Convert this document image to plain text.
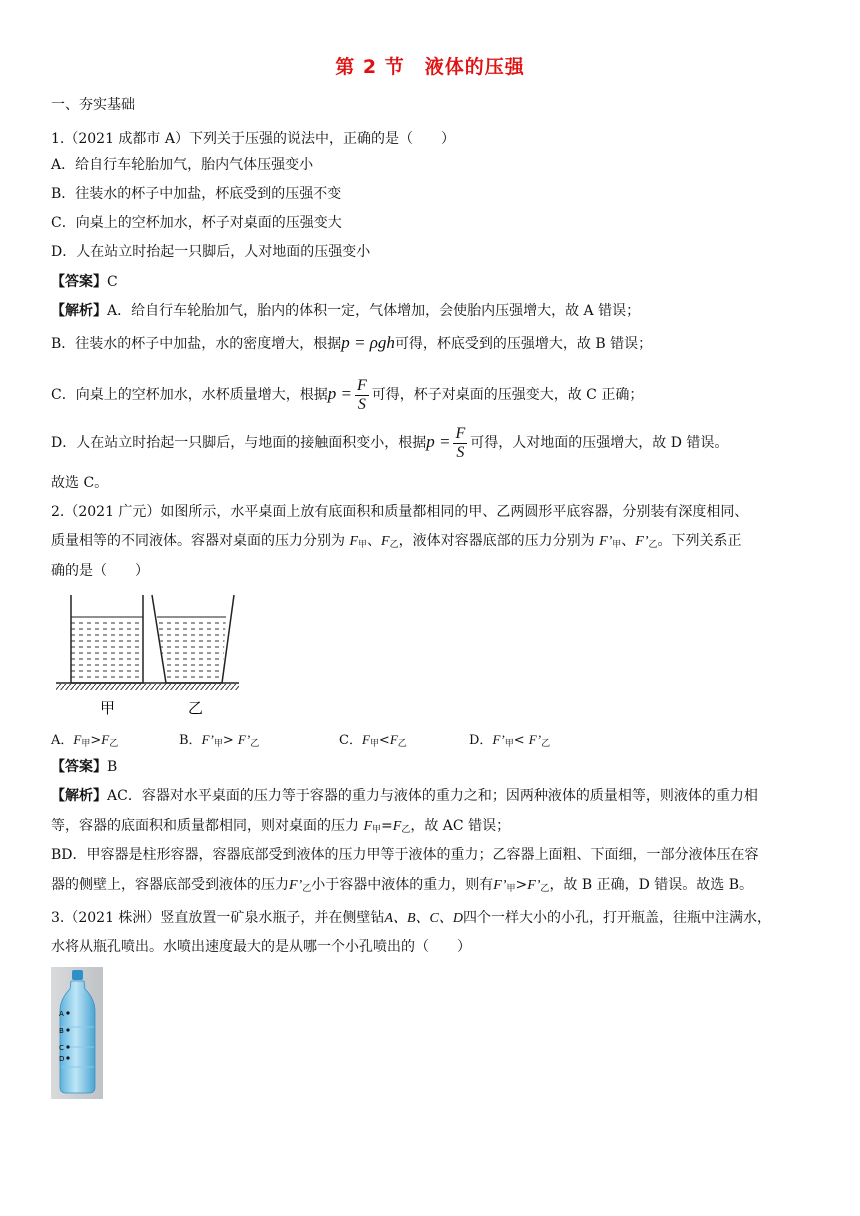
第 2 节　液体的压强
一、夯实基础
1.（2021 成都市 A）下列关于压强的说法中，正确的是（　　）
A．给自行车轮胎加气，胎内气体压强变小
B．往装水的杯子中加盐，杯底受到的压强不变
C．向桌上的空杯加水，杯子对桌面的压强变大
D．人在站立时抬起一只脚后，人对地面的压强变小
【答案】C
【解析】A．给自行车轮胎加气，胎内的体积一定，气体增加，会使胎内压强增大，故 A 错误；
B．往装水的杯子中加盐，水的密度增大，根据p = ρgh可得，杯底受到的压强增大，故 B 错误；
C．向桌上的空杯加水，水杯质量增大，根据$p = \frac{F}{S}$ 可得，杯子对桌面的压强变大，故 C 正确；
D．人在站立时抬起一只脚后，与地面的接触面积变小，根据$p = \frac{F}{S}$ 可得，人对地面的压强增大，故 D 错误。
故选 C。
2.（2021 广元）如图所示，水平桌面上放有底面积和质量都相同的甲、乙两圆形平底容器，分别装有深度相同、
质量相等的不同液体。容器对桌面的压力分别为 $F_甲$、$F_乙$，液体对容器底部的压力分别为 $F’_甲$、$F’_乙$。下列关系正
确的是（　　）
甲	乙
A．$F_甲>F_乙$	B．$F’_甲>$ $F’_乙$	C．$F_甲<F_乙$	D．$F’_甲<$ $F’_乙$
【答案】B
【解析】AC．容器对水平桌面的压力等于容器的重力与液体的重力之和；因两种液体的质量相等，则液体的重力相
等，容器的底面积和质量都相同，则对桌面的压力 $F_甲=F_乙$，故 AC 错误；
BD．甲容器是柱形容器，容器底部受到液体的压力甲等于液体的重力；乙容器上面粗、下面细，一部分液体压在容
器的侧壁上，容器底部受到液体的压力$F’_乙$小于容器中液体的重力，则有$F’_甲>F’_乙$，故 B 正确，D 错误。故选 B。
3.（2021 株洲）竖直放置一矿泉水瓶子，并在侧壁钻A、B、C、D四个一样大小的小孔，打开瓶盖，往瓶中注满水，
水将从瓶孔喷出。水喷出速度最大的是从哪一个小孔喷出的（　　）
A
B
C
D
